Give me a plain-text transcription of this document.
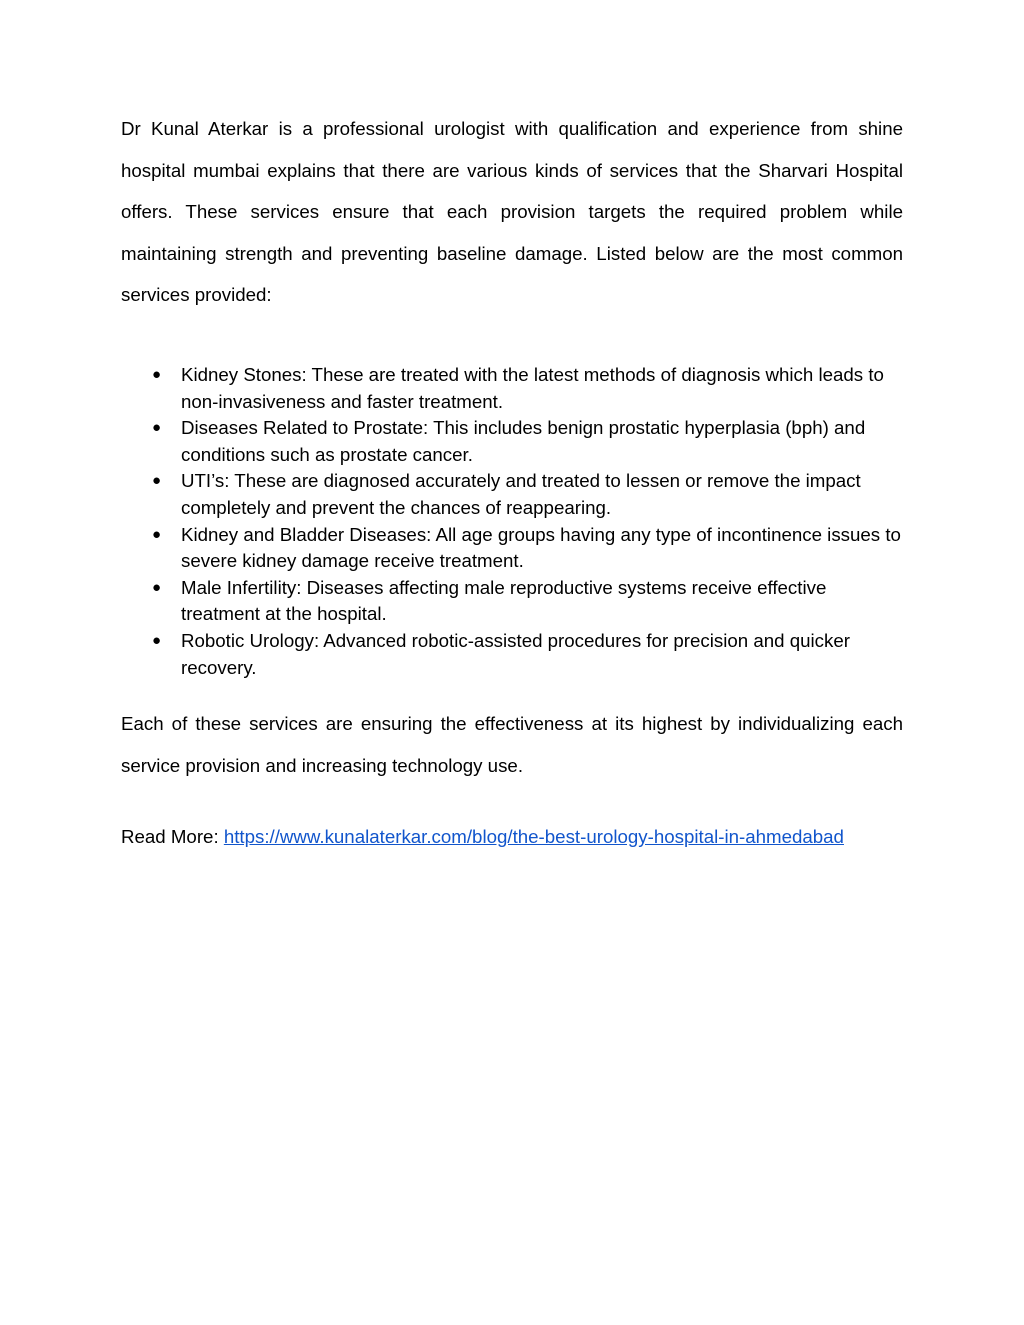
Dr Kunal Aterkar is a professional urologist with qualification and experience from shine hospital mumbai explains that there are various kinds of services that the Sharvari Hospital offers. These services ensure that each provision targets the required problem while maintaining strength and preventing baseline damage. Listed below are the most common services provided:

● Kidney Stones: These are treated with the latest methods of diagnosis which leads to non-invasiveness and faster treatment.
● Diseases Related to Prostate: This includes benign prostatic hyperplasia (bph) and conditions such as prostate cancer.
● UTI’s: These are diagnosed accurately and treated to lessen or remove the impact completely and prevent the chances of reappearing.
● Kidney and Bladder Diseases: All age groups having any type of incontinence issues to severe kidney damage receive treatment.
● Male Infertility: Diseases affecting male reproductive systems receive effective treatment at the hospital.
● Robotic Urology: Advanced robotic-assisted procedures for precision and quicker recovery.

Each of these services are ensuring the effectiveness at its highest by individualizing each service provision and increasing technology use.

Read More: https://www.kunalaterkar.com/blog/the-best-urology-hospital-in-ahmedabad
